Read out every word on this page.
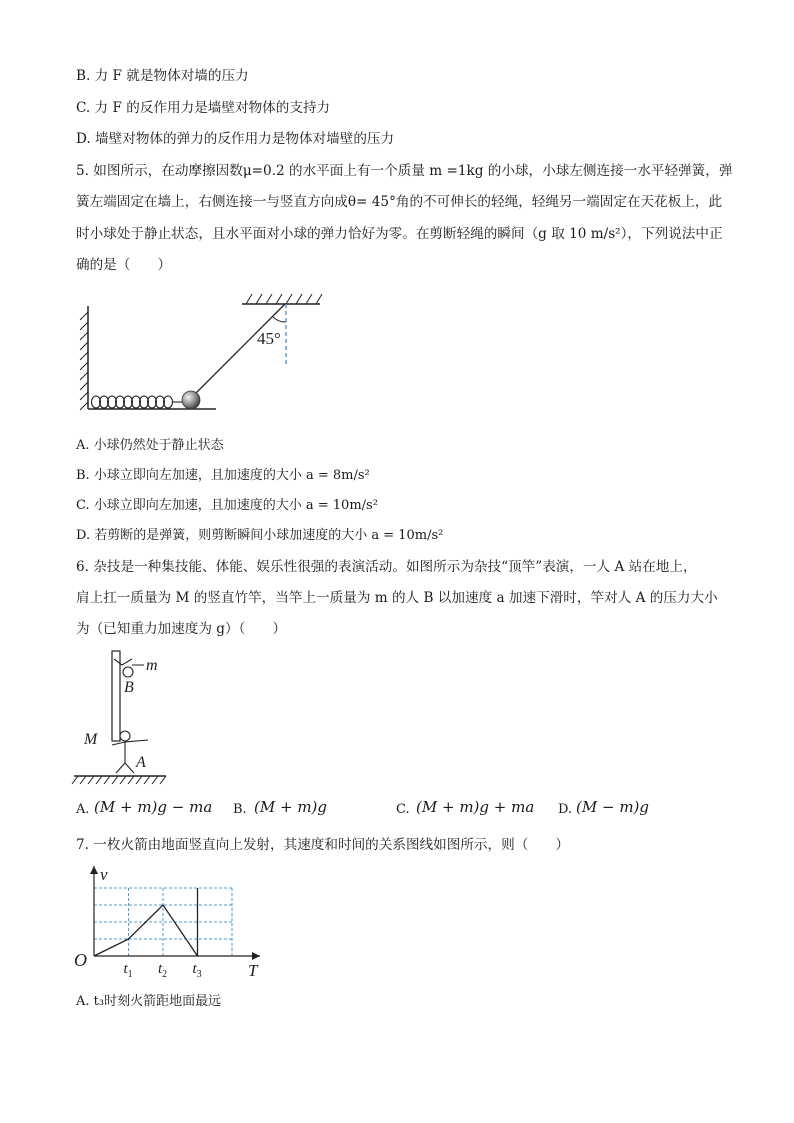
B. 力 F 就是物体对墙的压力
C. 力 F 的反作用力是墙壁对物体的支持力
D. 墙壁对物体的弹力的反作用力是物体对墙壁的压力
5. 如图所示，在动摩擦因数μ=0.2 的水平面上有一个质量 m =1kg 的小球，小球左侧连接一水平轻弹簧，弹
簧左端固定在墙上，右侧连接一与竖直方向成θ= 45°角的不可伸长的轻绳，轻绳另一端固定在天花板上，此
时小球处于静止状态，且水平面对小球的弹力恰好为零。在剪断轻绳的瞬间（g 取 10 m/s²），下列说法中正
确的是（　　）
45°
A. 小球仍然处于静止状态
B. 小球立即向左加速，且加速度的大小 a = 8m/s²
C. 小球立即向左加速，且加速度的大小 a = 10m/s²
D. 若剪断的是弹簧，则剪断瞬间小球加速度的大小 a = 10m/s²
6. 杂技是一种集技能、体能、娱乐性很强的表演活动。如图所示为杂技“顶竿”表演，一人 A 站在地上，
肩上扛一质量为 M 的竖直竹竿，当竿上一质量为 m 的人 B 以加速度 a 加速下滑时，竿对人 A 的压力大小
为（已知重力加速度为 g）（　　）
m
B
M
A
A. (M + m)g − ma B. (M + m)g	C. (M + m)g + ma D. (M − m)g
7. 一枚火箭由地面竖直向上发射，其速度和时间的关系图线如图所示，则（　　）
v
T
O $t_1$ $t_2$ $t_3$
A. t₃时刻火箭距地面最远
